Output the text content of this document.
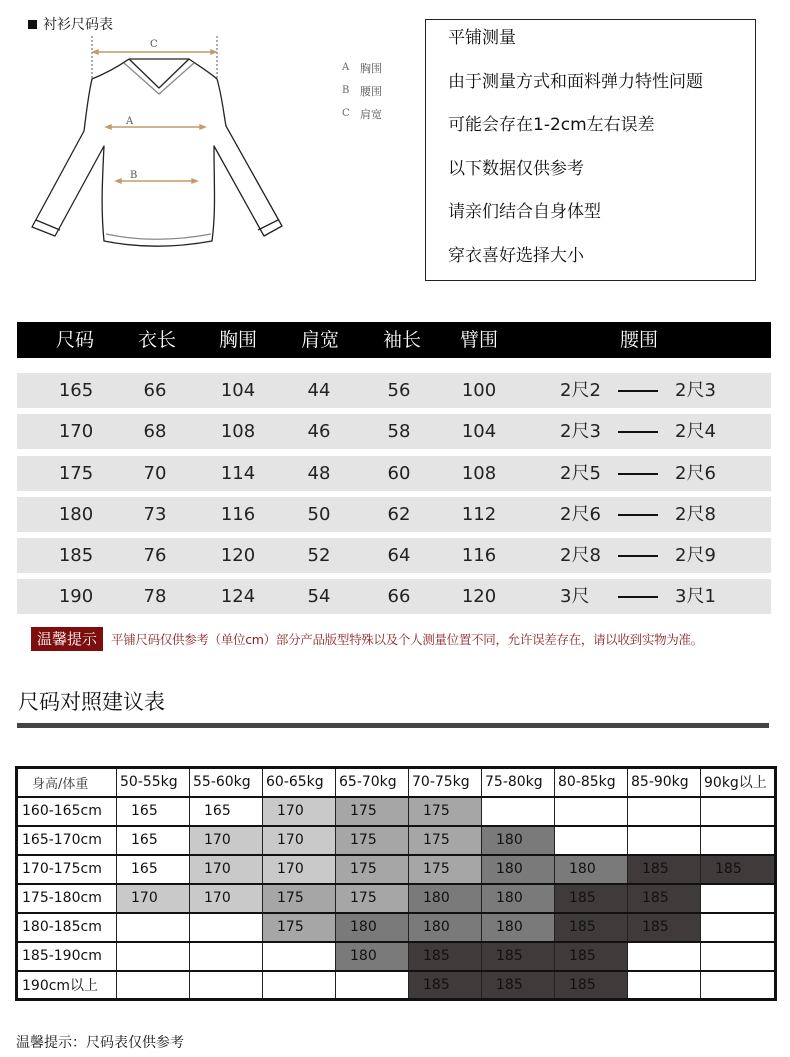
衬衫尺码表
C
A
B
A 胸围
B 腰围
C 肩宽
平铺测量
由于测量方式和面料弹力特性问题
可能会存在1-2cm左右误差
以下数据仅供参考
请亲们结合自身体型
穿衣喜好选择大小
尺码 衣长 胸围 肩宽 袖长 臂围	腰围
165	66	104	44	56	100	2尺2	2尺3
170	68	108	46	58	104	2尺3	2尺4
175	70	114	48	60	108	2尺5	2尺6
180	73	116	50	62	112	2尺6	2尺8
185	76	120	52	64	116	2尺8	2尺9
190	78	124	54	66	120	3尺	3尺1
温馨提示	平铺尺码仅供参考（单位cm）部分产品版型特殊以及个人测量位置不同，允许误差存在，请以收到实物为准。
尺码对照建议表
身高/体重	50-55kg	55-60kg	60-65kg	65-70kg	70-75kg	75-80kg	80-85kg	85-90kg	90kg以上
160-165cm	165	165	170	175	175				
165-170cm	165	170	170	175	175	180			
170-175cm	165	170	170	175	175	180	180	185	185
175-180cm	170	170	175	175	180	180	185	185	
180-185cm			175	180	180	180	185	185	
185-190cm				180	185	185	185		
190cm以上					185	185	185		
温馨提示：尺码表仅供参考
